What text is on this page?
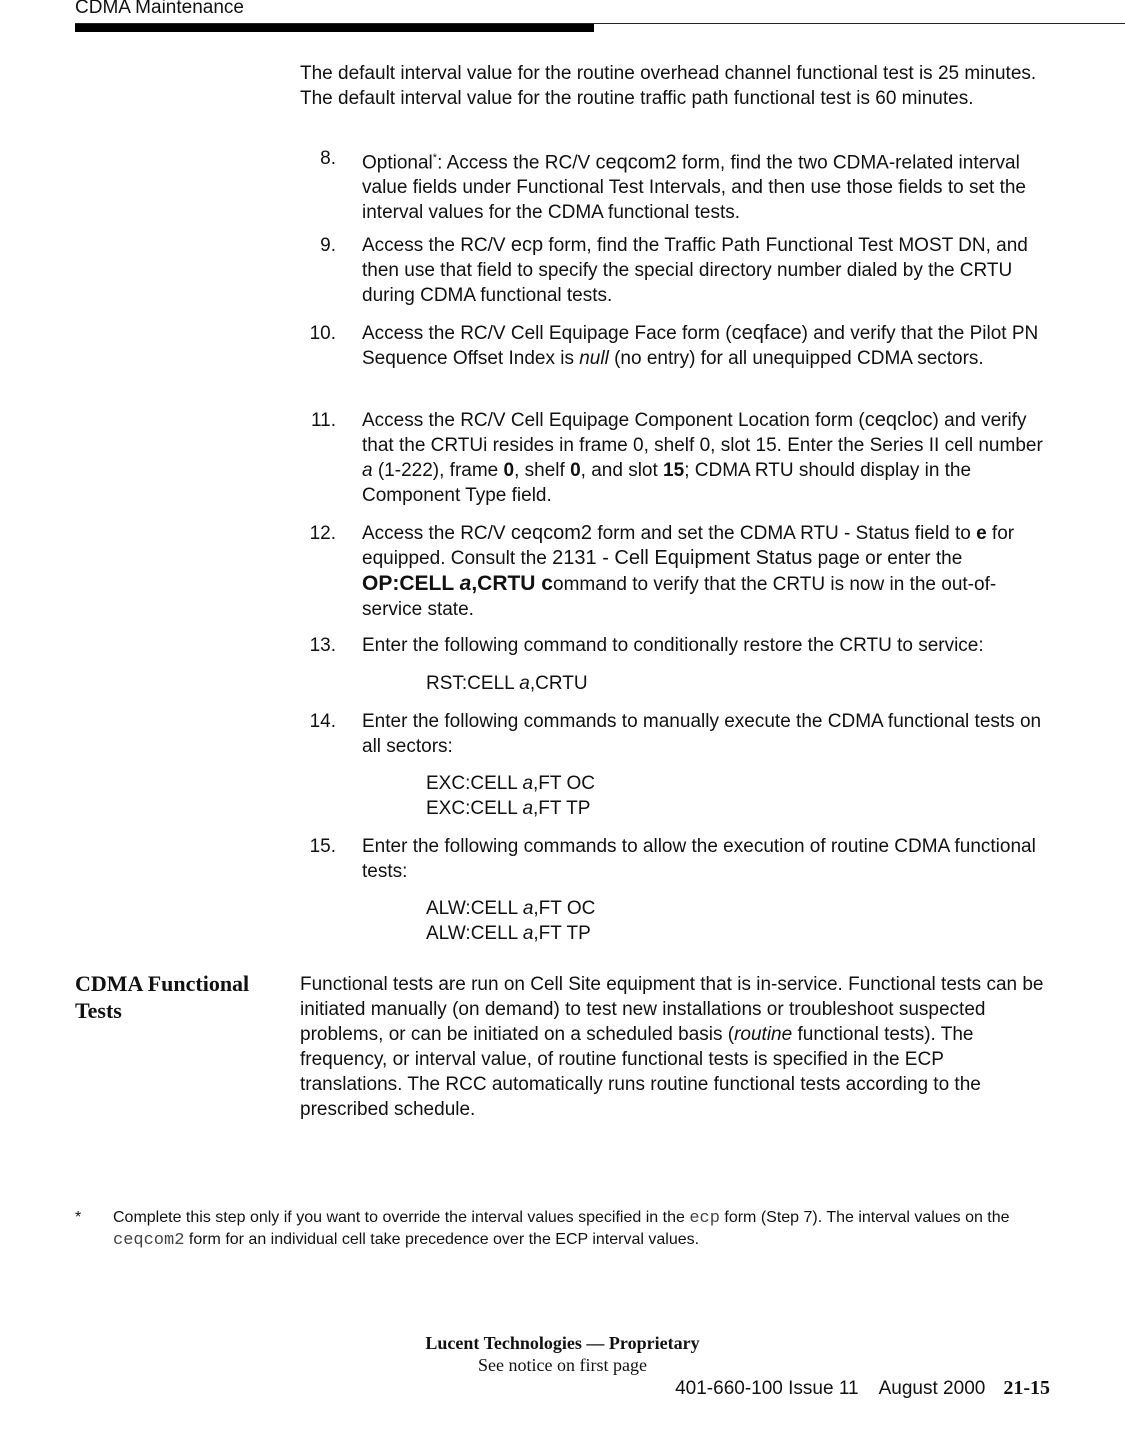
CDMA Maintenance
The default interval value for the routine overhead channel functional test is 25 minutes. The default interval value for the routine traffic path functional test is 60 minutes.
8. Optional*: Access the RC/V ceqcom2 form, find the two CDMA-related interval value fields under Functional Test Intervals, and then use those fields to set the interval values for the CDMA functional tests.
9. Access the RC/V ecp form, find the Traffic Path Functional Test MOST DN, and then use that field to specify the special directory number dialed by the CRTU during CDMA functional tests.
10. Access the RC/V Cell Equipage Face form (ceqface) and verify that the Pilot PN Sequence Offset Index is null (no entry) for all unequipped CDMA sectors.
11. Access the RC/V Cell Equipage Component Location form (ceqcloc) and verify that the CRTUi resides in frame 0, shelf 0, slot 15. Enter the Series II cell number a (1-222), frame 0, shelf 0, and slot 15; CDMA RTU should display in the Component Type field.
12. Access the RC/V ceqcom2 form and set the CDMA RTU - Status field to e for equipped. Consult the 2131 - Cell Equipment Status page or enter the OP:CELL a,CRTU command to verify that the CRTU is now in the out-of-service state.
13. Enter the following command to conditionally restore the CRTU to service:
RST:CELL a,CRTU
14. Enter the following commands to manually execute the CDMA functional tests on all sectors:
EXC:CELL a,FT OC
EXC:CELL a,FT TP
15. Enter the following commands to allow the execution of routine CDMA functional tests:
ALW:CELL a,FT OC
ALW:CELL a,FT TP
CDMA Functional Tests
Functional tests are run on Cell Site equipment that is in-service. Functional tests can be initiated manually (on demand) to test new installations or troubleshoot suspected problems, or can be initiated on a scheduled basis (routine functional tests). The frequency, or interval value, of routine functional tests is specified in the ECP translations. The RCC automatically runs routine functional tests according to the prescribed schedule.
* Complete this step only if you want to override the interval values specified in the ecp form (Step 7). The interval values on the ceqcom2 form for an individual cell take precedence over the ECP interval values.
Lucent Technologies — Proprietary
See notice on first page
401-660-100 Issue 11    August 2000 21-15
